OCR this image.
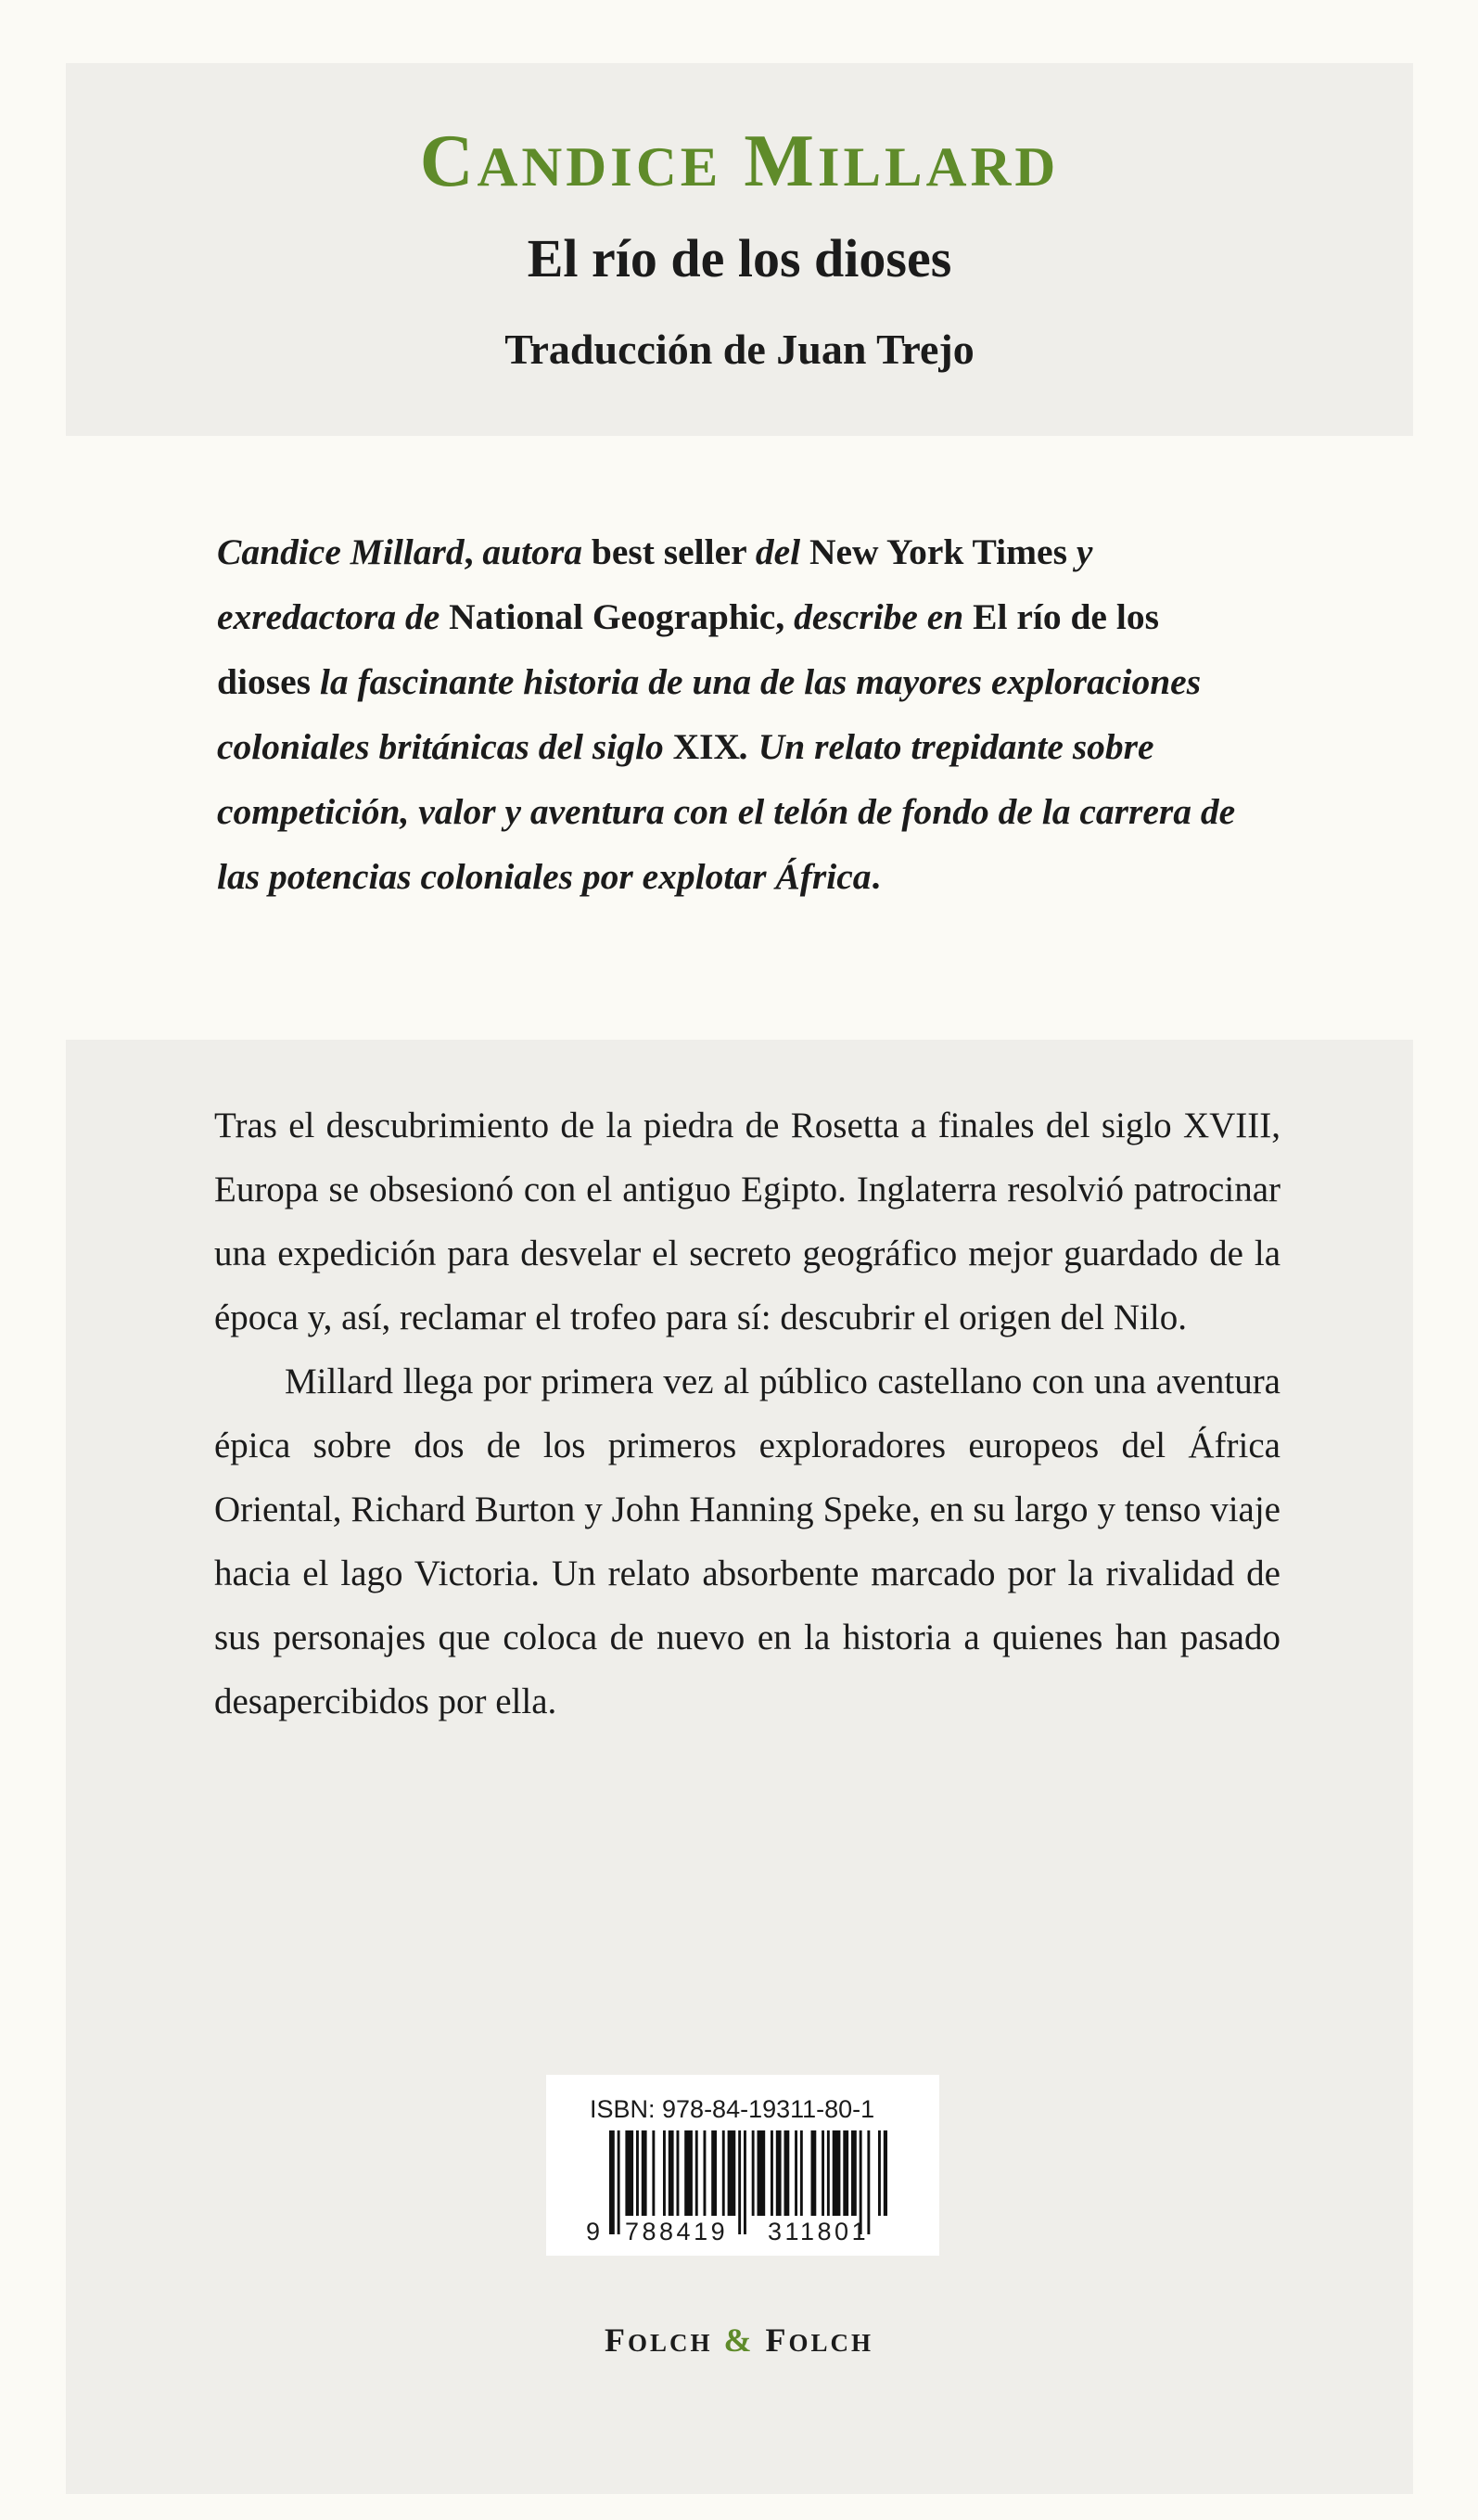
CANDICE MILLARD
El río de los dioses
Traducción de Juan Trejo

Candice Millard, autora best seller del New York Times y exredactora de National Geographic, describe en El río de los dioses la fascinante historia de una de las mayores exploraciones coloniales británicas del siglo XIX. Un relato trepidante sobre competición, valor y aventura con el telón de fondo de la carrera de las potencias coloniales por explotar África.

Tras el descubrimiento de la piedra de Rosetta a finales del siglo XVIII, Europa se obsesionó con el antiguo Egipto. Inglaterra resolvió patrocinar una expedición para desvelar el secreto geográfico mejor guardado de la época y, así, reclamar el trofeo para sí: descubrir el origen del Nilo.

Millard llega por primera vez al público castellano con una aventura épica sobre dos de los primeros exploradores europeos del África Oriental, Richard Burton y John Hanning Speke, en su largo y tenso viaje hacia el lago Victoria. Un relato absorbente marcado por la rivalidad de sus personajes que coloca de nuevo en la historia a quienes han pasado desapercibidos por ella.

ISBN: 978-84-19311-80-1

9 788419 311801

FOLCH & FOLCH
